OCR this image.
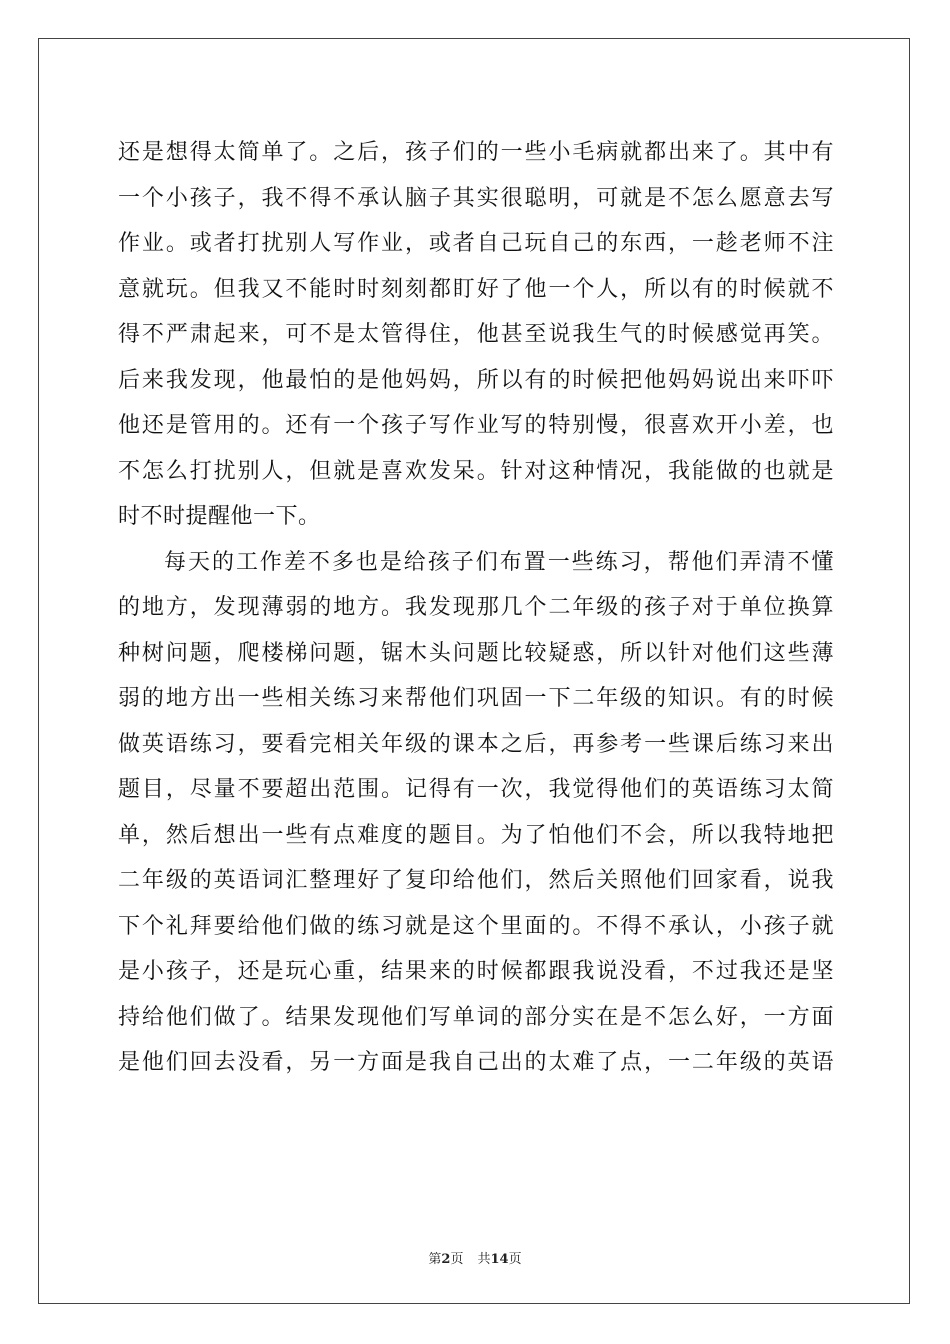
还是想得太简单了。之后，孩子们的一些小毛病就都出来了。其中有
一个小孩子，我不得不承认脑子其实很聪明，可就是不怎么愿意去写
作业。或者打扰别人写作业，或者自己玩自己的东西，一趁老师不注
意就玩。但我又不能时时刻刻都盯好了他一个人，所以有的时候就不
得不严肃起来，可不是太管得住，他甚至说我生气的时候感觉再笑。
后来我发现，他最怕的是他妈妈，所以有的时候把他妈妈说出来吓吓
他还是管用的。还有一个孩子写作业写的特别慢，很喜欢开小差，也
不怎么打扰别人，但就是喜欢发呆。针对这种情况，我能做的也就是
时不时提醒他一下。
每天的工作差不多也是给孩子们布置一些练习，帮他们弄清不懂
的地方，发现薄弱的地方。我发现那几个二年级的孩子对于单位换算
种树问题，爬楼梯问题，锯木头问题比较疑惑，所以针对他们这些薄
弱的地方出一些相关练习来帮他们巩固一下二年级的知识。有的时候
做英语练习，要看完相关年级的课本之后，再参考一些课后练习来出
题目，尽量不要超出范围。记得有一次，我觉得他们的英语练习太简
单，然后想出一些有点难度的题目。为了怕他们不会，所以我特地把
二年级的英语词汇整理好了复印给他们，然后关照他们回家看，说我
下个礼拜要给他们做的练习就是这个里面的。不得不承认，小孩子就
是小孩子，还是玩心重，结果来的时候都跟我说没看，不过我还是坚
持给他们做了。结果发现他们写单词的部分实在是不怎么好，一方面
是他们回去没看，另一方面是我自己出的太难了点，一二年级的英语
第2页 共14页
